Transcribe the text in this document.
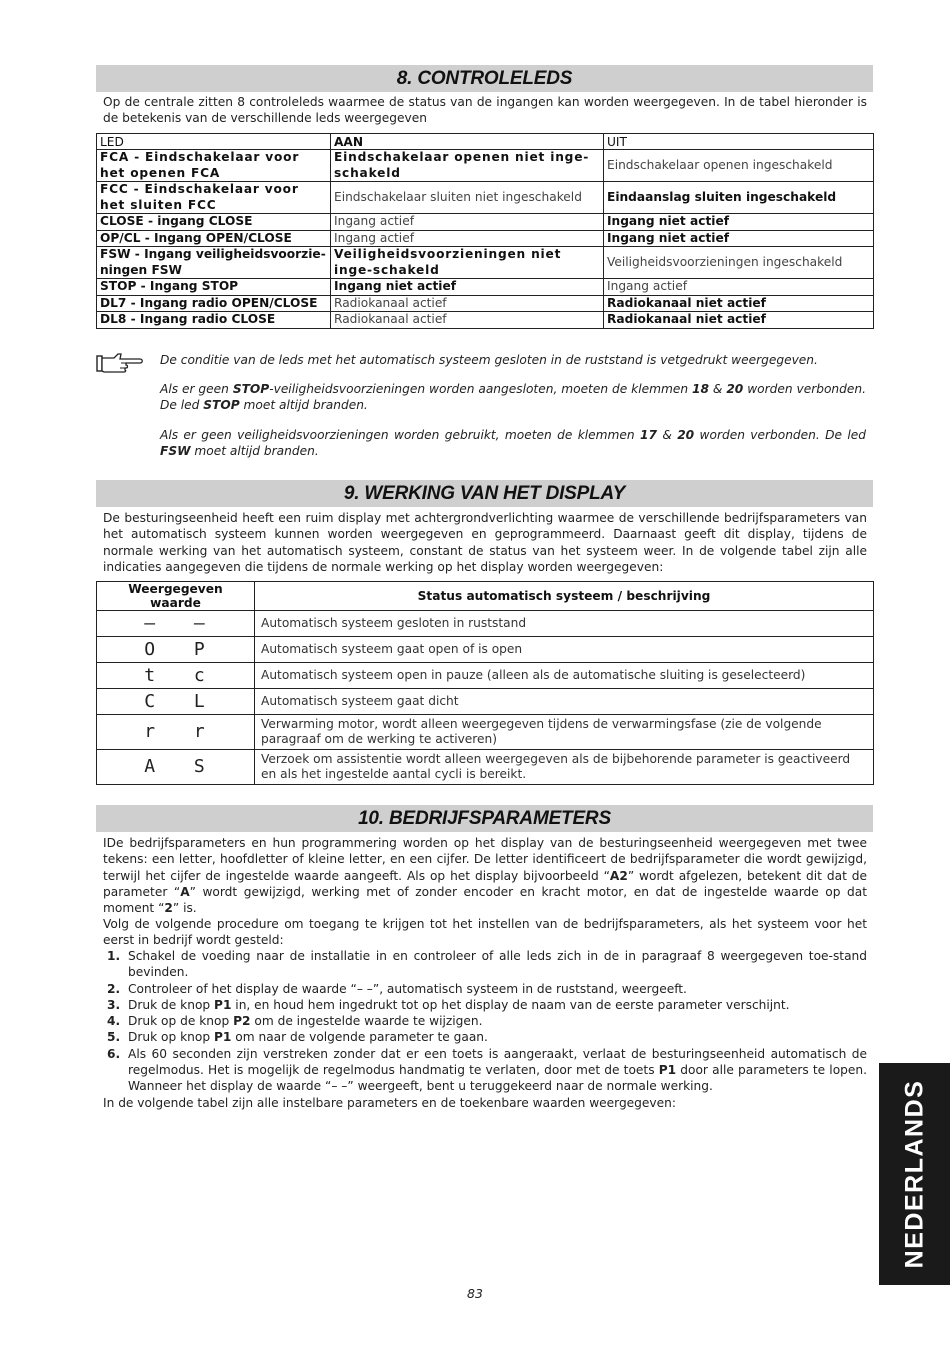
8. CONTROLELEDS
Op de centrale zitten 8 controleleds waarmee de status van de ingangen kan worden weergegeven. In de tabel hieronder is de betekenis van de verschillende leds weergegeven
LED	AAN	UIT
FCA - Eindschakelaar voor het openen FCA	Eindschakelaar openen niet inge-schakeld	Eindschakelaar openen ingeschakeld
FCC - Eindschakelaar voor het sluiten FCC	Eindschakelaar sluiten niet ingeschakeld	Eindaanslag sluiten ingeschakeld
CLOSE - ingang CLOSE	Ingang actief	Ingang niet actief
OP/CL - Ingang OPEN/CLOSE	Ingang actief	Ingang niet actief
FSW - Ingang veiligheidsvoorzie-ningen FSW	Veiligheidsvoorzieningen niet inge-schakeld	Veiligheidsvoorzieningen ingeschakeld
STOP - Ingang STOP	Ingang niet actief	Ingang actief
DL7 - Ingang radio OPEN/CLOSE	Radiokanaal actief	Radiokanaal niet actief
DL8 - Ingang radio CLOSE	Radiokanaal actief	Radiokanaal niet actief
De conditie van de leds met het automatisch systeem gesloten in de ruststand is vetgedrukt weergegeven.
Als er geen STOP-veiligheidsvoorzieningen worden aangesloten, moeten de klemmen 18 & 20 worden verbonden. De led STOP moet altijd branden.
Als er geen veiligheidsvoorzieningen worden gebruikt, moeten de klemmen 17 & 20 worden verbonden. De led FSW moet altijd branden.
9. WERKING VAN HET DISPLAY
De besturingseenheid heeft een ruim display met achtergrondverlichting waarmee de verschillende bedrijfsparameters van het automatisch systeem kunnen worden weergegeven en geprogrammeerd. Daarnaast geeft dit display, tijdens de normale werking van het automatisch systeem, constant de status van het systeem weer. In de volgende tabel zijn alle indicaties aangegeven die tijdens de normale werking op het display worden weergegeven:
Weergegeven waarde	Status automatisch systeem / beschrijving
– –	Automatisch systeem gesloten in ruststand
O P	Automatisch systeem gaat open of is open
t c	Automatisch systeem open in pauze (alleen als de automatische sluiting is geselecteerd)
C L	Automatisch systeem gaat dicht
r r	Verwarming motor, wordt alleen weergegeven tijdens de verwarmingsfase (zie de volgende paragraaf om de werking te activeren)
A S	Verzoek om assistentie wordt alleen weergegeven als de bijbehorende parameter is geactiveerd en als het ingestelde aantal cycli is bereikt.
10. BEDRIJFSPARAMETERS
IDe bedrijfsparameters en hun programmering worden op het display van de besturingseenheid weergegeven met twee tekens: een letter, hoofdletter of kleine letter, en een cijfer. De letter identificeert de bedrijfsparameter die wordt gewijzigd, terwijl het cijfer de ingestelde waarde aangeeft. Als op het display bijvoorbeeld “A2” wordt afgelezen, betekent dit dat de parameter “A” wordt gewijzigd, werking met of zonder encoder en kracht motor, en dat de ingestelde waarde op dat moment “2” is.
Volg de volgende procedure om toegang te krijgen tot het instellen van de bedrijfsparameters, als het systeem voor het eerst in bedrijf wordt gesteld:
1. Schakel de voeding naar de installatie in en controleer of alle leds zich in de in paragraaf 8 weergegeven toe-stand bevinden.
2. Controleer of het display de waarde “– –”, automatisch systeem in de ruststand, weergeeft.
3. Druk de knop P1 in, en houd hem ingedrukt tot op het display de naam van de eerste parameter verschijnt.
4. Druk op de knop P2 om de ingestelde waarde te wijzigen.
5. Druk op knop P1 om naar de volgende parameter te gaan.
6. Als 60 seconden zijn verstreken zonder dat er een toets is aangeraakt, verlaat de besturingseenheid automatisch de regelmodus. Het is mogelijk de regelmodus handmatig te verlaten, door met de toets P1 door alle parameters te lopen. Wanneer het display de waarde “– –” weergeeft, bent u teruggekeerd naar de normale werking.
In de volgende tabel zijn alle instelbare parameters en de toekenbare waarden weergegeven:
83
NEDERLANDS
